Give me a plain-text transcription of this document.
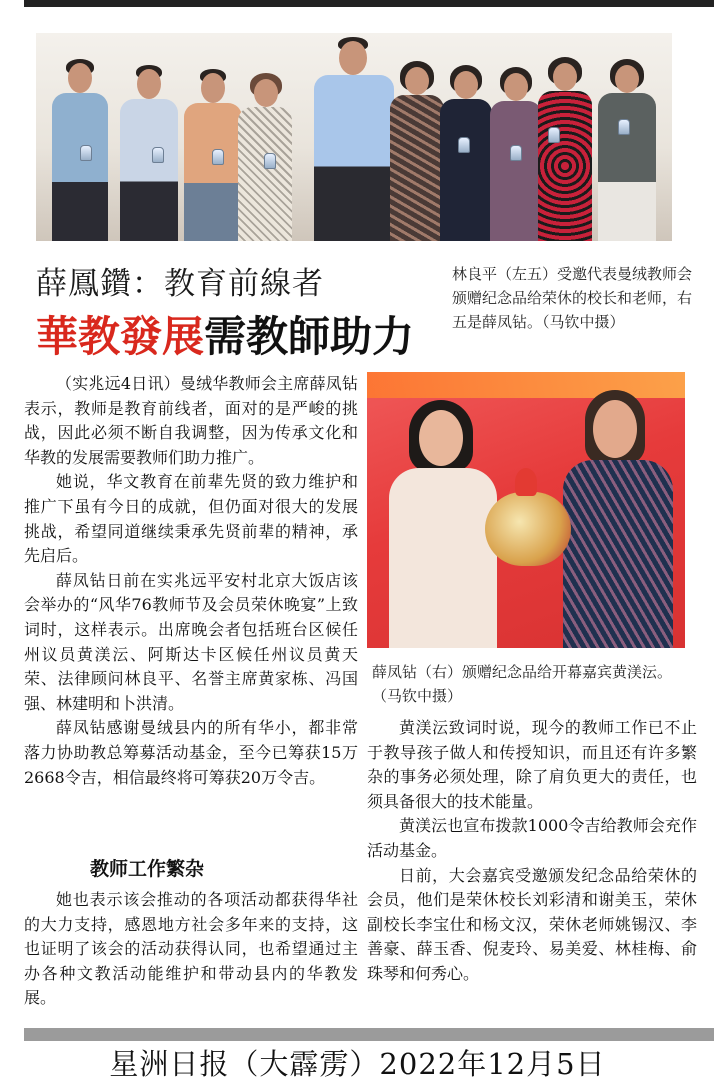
薛鳳鑽：教育前線者
華教發展需教師助力
林良平（左五）受邀代表曼绒教师会颁赠纪念品给荣休的校长和老师，右五是薛凤钻。（马钦中摄）

（实兆远4日讯）曼绒华教师会主席薛凤钻表示，教师是教育前线者，面对的是严峻的挑战，因此必须不断自我调整，因为传承文化和华教的发展需要教师们助力推广。

她说，华文教育在前辈先贤的致力维护和推广下虽有今日的成就，但仍面对很大的发展挑战，希望同道继续秉承先贤前辈的精神，承先启后。

薛凤钻日前在实兆远平安村北京大饭店该会举办的“风华76教师节及会员荣休晚宴”上致词时，这样表示。出席晚会者包括班台区候任州议员黄渼沄、阿斯达卡区候任州议员黄天荣、法律顾问林良平、名誉主席黄家栋、冯国强、林建明和卜洪清。

薛凤钻感谢曼绒县内的所有华小，都非常落力协助教总筹募活动基金，至今已筹获15万2668令吉，相信最终将可筹获20万令吉。

教师工作繁杂

她也表示该会推动的各项活动都获得华社的大力支持，感恩地方社会多年来的支持，这也证明了该会的活动获得认同，也希望通过主办各种文教活动能维护和带动县内的华教发展。

薛凤钻（右）颁赠纪念品给开幕嘉宾黄渼沄。（马钦中摄）

黄渼沄致词时说，现今的教师工作已不止于教导孩子做人和传授知识，而且还有许多繁杂的事务必须处理，除了肩负更大的责任，也须具备很大的技术能量。

黄渼沄也宣布拨款1000令吉给教师会充作活动基金。

日前，大会嘉宾受邀颁发纪念品给荣休的会员，他们是荣休校长刘彩清和谢美玉，荣休副校长李宝仕和杨文汉，荣休老师姚锡汉、李善豪、薛玉香、倪麦玲、易美爱、林桂梅、俞珠琴和何秀心。

星洲日报（大霹雳）2022年12月5日
